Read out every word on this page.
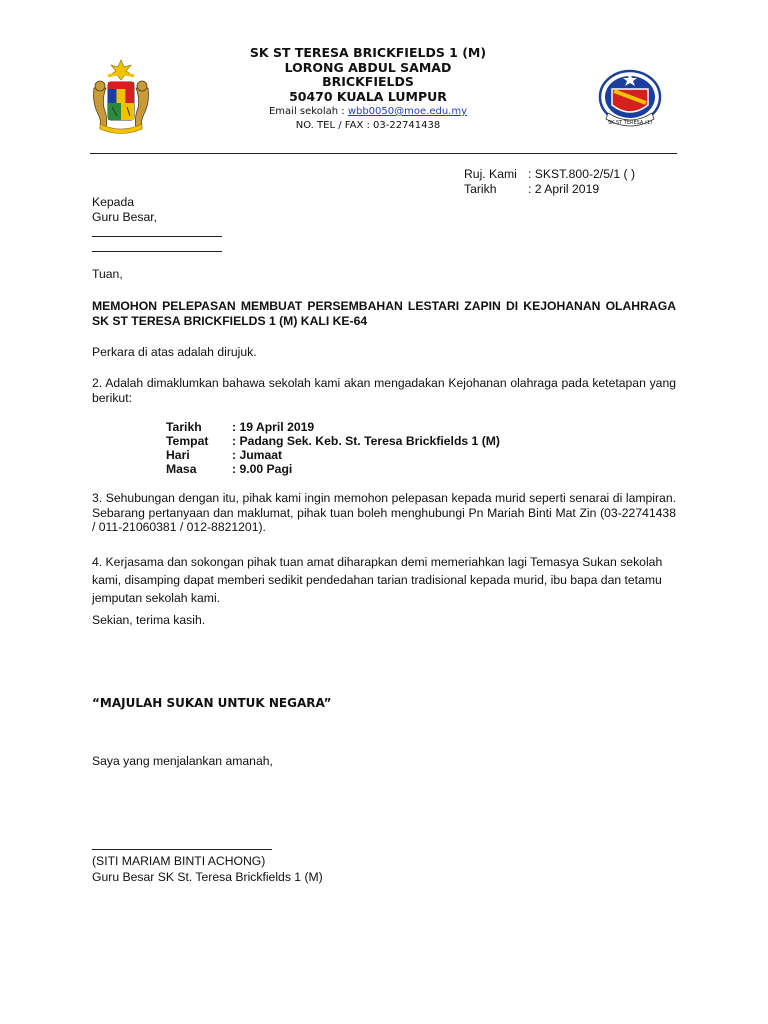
SK ST TERESA BRICKFIELDS 1 (M)
LORONG ABDUL SAMAD
BRICKFIELDS
50470 KUALA LUMPUR
Email sekolah : wbb0050@moe.edu.my
NO. TEL / FAX : 03-22741438	SK ST TERESA (1)
Ruj. Kami : SKST.800-2/5/1 ( )
Tarikh	: 2 April 2019
Kepada
Guru Besar,
Tuan,
MEMOHON PELEPASAN MEMBUAT PERSEMBAHAN LESTARI ZAPIN DI KEJOHANAN OLAHRAGA SK ST TERESA BRICKFIELDS 1 (M) KALI KE-64
Perkara di atas adalah dirujuk.
2. Adalah dimaklumkan bahawa sekolah kami akan mengadakan Kejohanan olahraga pada ketetapan yang berikut:
Tarikh	: 19 April 2019
Tempat	: Padang Sek. Keb. St. Teresa Brickfields 1 (M)
Hari	: Jumaat
Masa	: 9.00 Pagi
3. Sehubungan dengan itu, pihak kami ingin memohon pelepasan kepada murid seperti senarai di lampiran. Sebarang pertanyaan dan maklumat, pihak tuan boleh menghubungi Pn Mariah Binti Mat Zin (03-22741438 / 011-21060381 / 012-8821201).
4. Kerjasama dan sokongan pihak tuan amat diharapkan demi memeriahkan lagi Temasya Sukan sekolah kami, disamping dapat memberi sedikit pendedahan tarian tradisional kepada murid, ibu bapa dan tetamu jemputan sekolah kami.
Sekian, terima kasih.
“MAJULAH SUKAN UNTUK NEGARA”
Saya yang menjalankan amanah,
(SITI MARIAM BINTI ACHONG)
Guru Besar SK St. Teresa Brickfields 1 (M)
